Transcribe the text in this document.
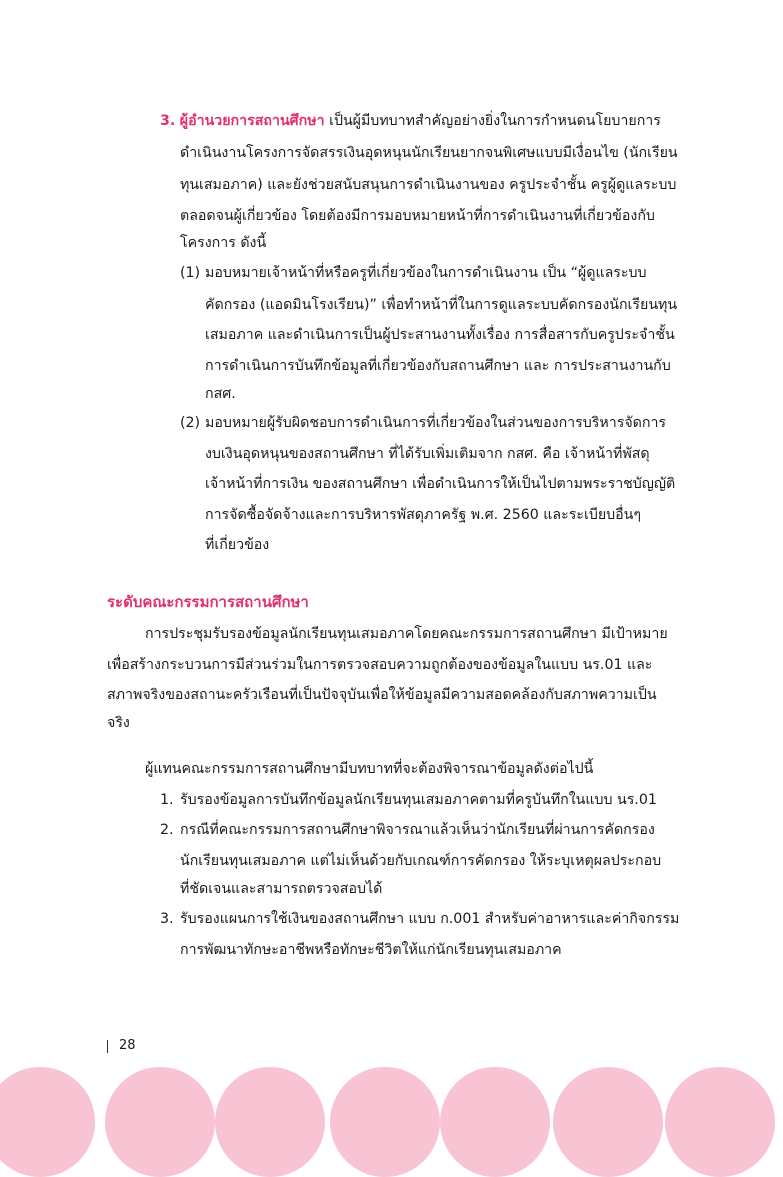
3. ผู้อำนวยการสถานศึกษา เป็นผู้มีบทบาทสำคัญอย่างยิ่งในการกำหนดนโยบายการ
ดำเนินงานโครงการจัดสรรเงินอุดหนุนนักเรียนยากจนพิเศษแบบมีเงื่อนไข (นักเรียน
ทุนเสมอภาค) และยังช่วยสนับสนุนการดำเนินงานของ ครูประจำชั้น ครูผู้ดูแลระบบ
ตลอดจนผู้เกี่ยวข้อง โดยต้องมีการมอบหมายหน้าที่การดำเนินงานที่เกี่ยวข้องกับ
โครงการ ดังนี้
(1) มอบหมายเจ้าหน้าที่หรือครูที่เกี่ยวข้องในการดำเนินงาน เป็น “ผู้ดูแลระบบ
คัดกรอง (แอดมินโรงเรียน)” เพื่อทำหน้าที่ในการดูแลระบบคัดกรองนักเรียนทุน
เสมอภาค และดำเนินการเป็นผู้ประสานงานทั้งเรื่อง การสื่อสารกับครูประจำชั้น
การดำเนินการบันทึกข้อมูลที่เกี่ยวข้องกับสถานศึกษา และ การประสานงานกับ
กสศ.
(2) มอบหมายผู้รับผิดชอบการดำเนินการที่เกี่ยวข้องในส่วนของการบริหารจัดการ
งบเงินอุดหนุนของสถานศึกษา ที่ได้รับเพิ่มเติมจาก กสศ. คือ เจ้าหน้าที่พัสดุ
เจ้าหน้าที่การเงิน ของสถานศึกษา เพื่อดำเนินการให้เป็นไปตามพระราชบัญญัติ
การจัดซื้อจัดจ้างและการบริหารพัสดุภาครัฐ พ.ศ. 2560 และระเบียบอื่นๆ
ที่เกี่ยวข้อง
ระดับคณะกรรมการสถานศึกษา
การประชุมรับรองข้อมูลนักเรียนทุนเสมอภาคโดยคณะกรรมการสถานศึกษา มีเป้าหมาย
เพื่อสร้างกระบวนการมีส่วนร่วมในการตรวจสอบความถูกต้องของข้อมูลในแบบ นร.01 และ
สภาพจริงของสถานะครัวเรือนที่เป็นปัจจุบันเพื่อให้ข้อมูลมีความสอดคล้องกับสภาพความเป็น
จริง
ผู้แทนคณะกรรมการสถานศึกษามีบทบาทที่จะต้องพิจารณาข้อมูลดังต่อไปนี้
1. รับรองข้อมูลการบันทึกข้อมูลนักเรียนทุนเสมอภาคตามที่ครูบันทึกในแบบ นร.01
2. กรณีที่คณะกรรมการสถานศึกษาพิจารณาแล้วเห็นว่านักเรียนที่ผ่านการคัดกรอง
นักเรียนทุนเสมอภาค แต่ไม่เห็นด้วยกับเกณฑ์การคัดกรอง ให้ระบุเหตุผลประกอบ
ที่ชัดเจนและสามารถตรวจสอบได้
3. รับรองแผนการใช้เงินของสถานศึกษา แบบ ก.001 สำหรับค่าอาหารและค่ากิจกรรม
การพัฒนาทักษะอาชีพหรือทักษะชีวิตให้แก่นักเรียนทุนเสมอภาค
28
